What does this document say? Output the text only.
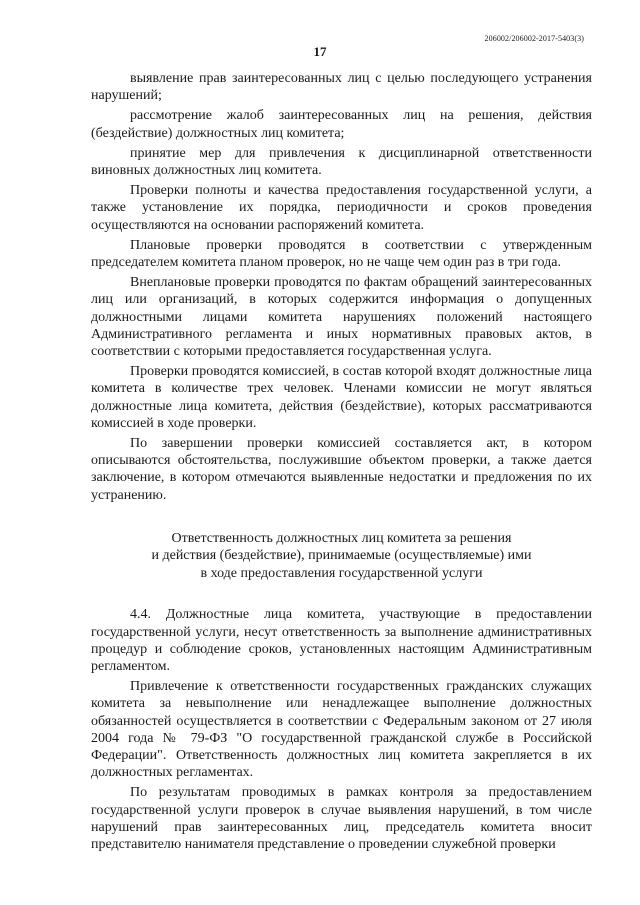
206002/206002-2017-5403(3)
17

выявление прав заинтересованных лиц с целью последующего устранения нарушений;

рассмотрение жалоб заинтересованных лиц на решения, действия (бездействие) должностных лиц комитета;

принятие мер для привлечения к дисциплинарной ответственности виновных должностных лиц комитета.

Проверки полноты и качества предоставления государственной услуги, а также установление их порядка, периодичности и сроков проведения осуществляются на основании распоряжений комитета.

Плановые проверки проводятся в соответствии с утвержденным председателем комитета планом проверок, но не чаще чем один раз в три года.

Внеплановые проверки проводятся по фактам обращений заинтересованных лиц или организаций, в которых содержится информация о допущенных должностными лицами комитета нарушениях положений настоящего Административного регламента и иных нормативных правовых актов, в соответствии с которыми предоставляется государственная услуга.

Проверки проводятся комиссией, в состав которой входят должностные лица комитета в количестве трех человек. Членами комиссии не могут являться должностные лица комитета, действия (бездействие), которых рассматриваются комиссией в ходе проверки.

По завершении проверки комиссией составляется акт, в котором описываются обстоятельства, послужившие объектом проверки, а также дается заключение, в котором отмечаются выявленные недостатки и предложения по их устранению.

Ответственность должностных лиц комитета за решения
и действия (бездействие), принимаемые (осуществляемые) ими
в ходе предоставления государственной услуги

4.4. Должностные лица комитета, участвующие в предоставлении государственной услуги, несут ответственность за выполнение административных процедур и соблюдение сроков, установленных настоящим Административным регламентом.

Привлечение к ответственности государственных гражданских служащих комитета за невыполнение или ненадлежащее выполнение должностных обязанностей осуществляется в соответствии с Федеральным законом от 27 июля 2004 года № 79-ФЗ "О государственной гражданской службе в Российской Федерации". Ответственность должностных лиц комитета закрепляется в их должностных регламентах.

По результатам проводимых в рамках контроля за предоставлением государственной услуги проверок в случае выявления нарушений, в том числе нарушений прав заинтересованных лиц, председатель комитета вносит представителю нанимателя представление о проведении служебной проверки
